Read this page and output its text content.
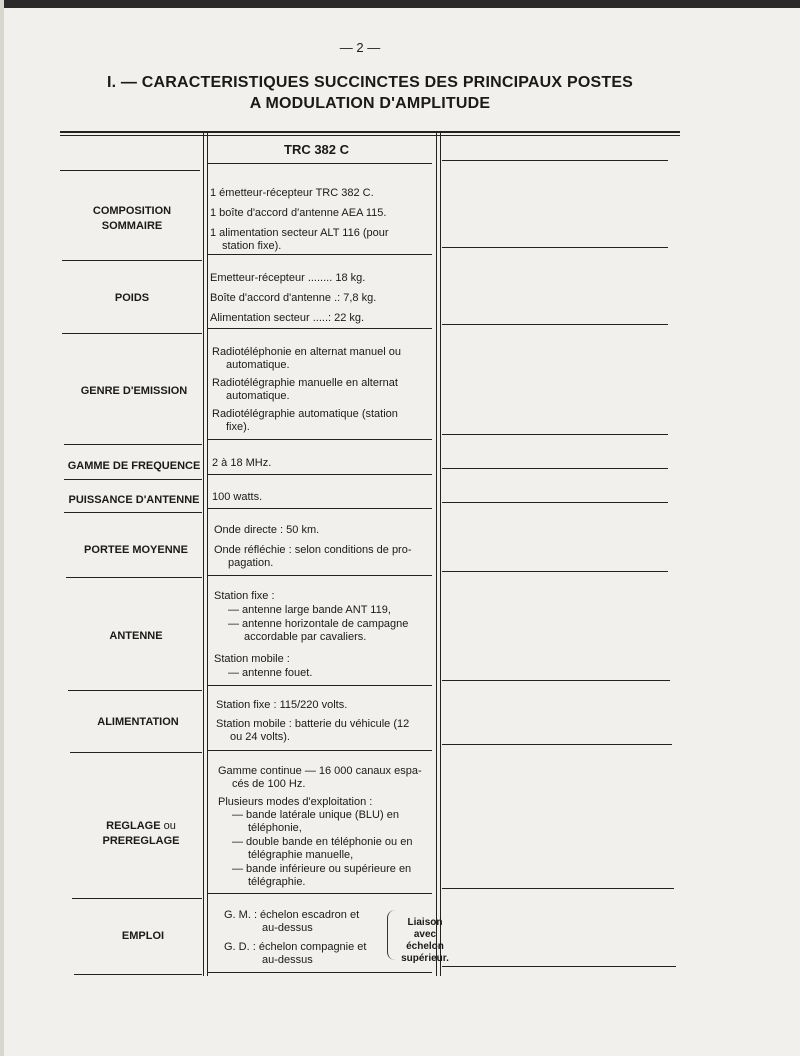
— 2 —
I. — CARACTERISTIQUES SUCCINCTES DES PRINCIPAUX POSTES
A MODULATION D'AMPLITUDE
TRC 382 C
COMPOSITION
SOMMAIRE
1 émetteur-récepteur TRC 382 C.
1 boîte d'accord d'antenne AEA 115.
1 alimentation secteur ALT 116 (pour
station fixe).
POIDS
Emetteur-récepteur ........ 18 kg.
Boîte d'accord d'antenne .: 7,8 kg.
Alimentation secteur .....: 22 kg.
GENRE D'EMISSION
Radiotéléphonie en alternat manuel ou
automatique.
Radiotélégraphie manuelle en alternat
automatique.
Radiotélégraphie automatique (station
fixe).
GAMME DE FREQUENCE	2 à 18 MHz.
PUISSANCE D'ANTENNE	100 watts.
PORTEE MOYENNE
Onde directe : 50 km.
Onde réfléchie : selon conditions de pro-
pagation.
ANTENNE
Station fixe :
— antenne large bande ANT 119,
— antenne horizontale de campagne
accordable par cavaliers.
Station mobile :
— antenne fouet.
ALIMENTATION
Station fixe : 115/220 volts.
Station mobile : batterie du véhicule (12
ou 24 volts).
REGLAGE ou PREREGLAGE
Gamme continue — 16 000 canaux espa-
cés de 100 Hz.
Plusieurs modes d'exploitation :
— bande latérale unique (BLU) en
téléphonie,
— double bande en téléphonie ou en
télégraphie manuelle,
— bande inférieure ou supérieure en
télégraphie.
EMPLOI
G. M. : échelon escadron et
au-dessus
G. D. : échelon compagnie et
au-dessus
Liaison
avec échelon
supérieur.
